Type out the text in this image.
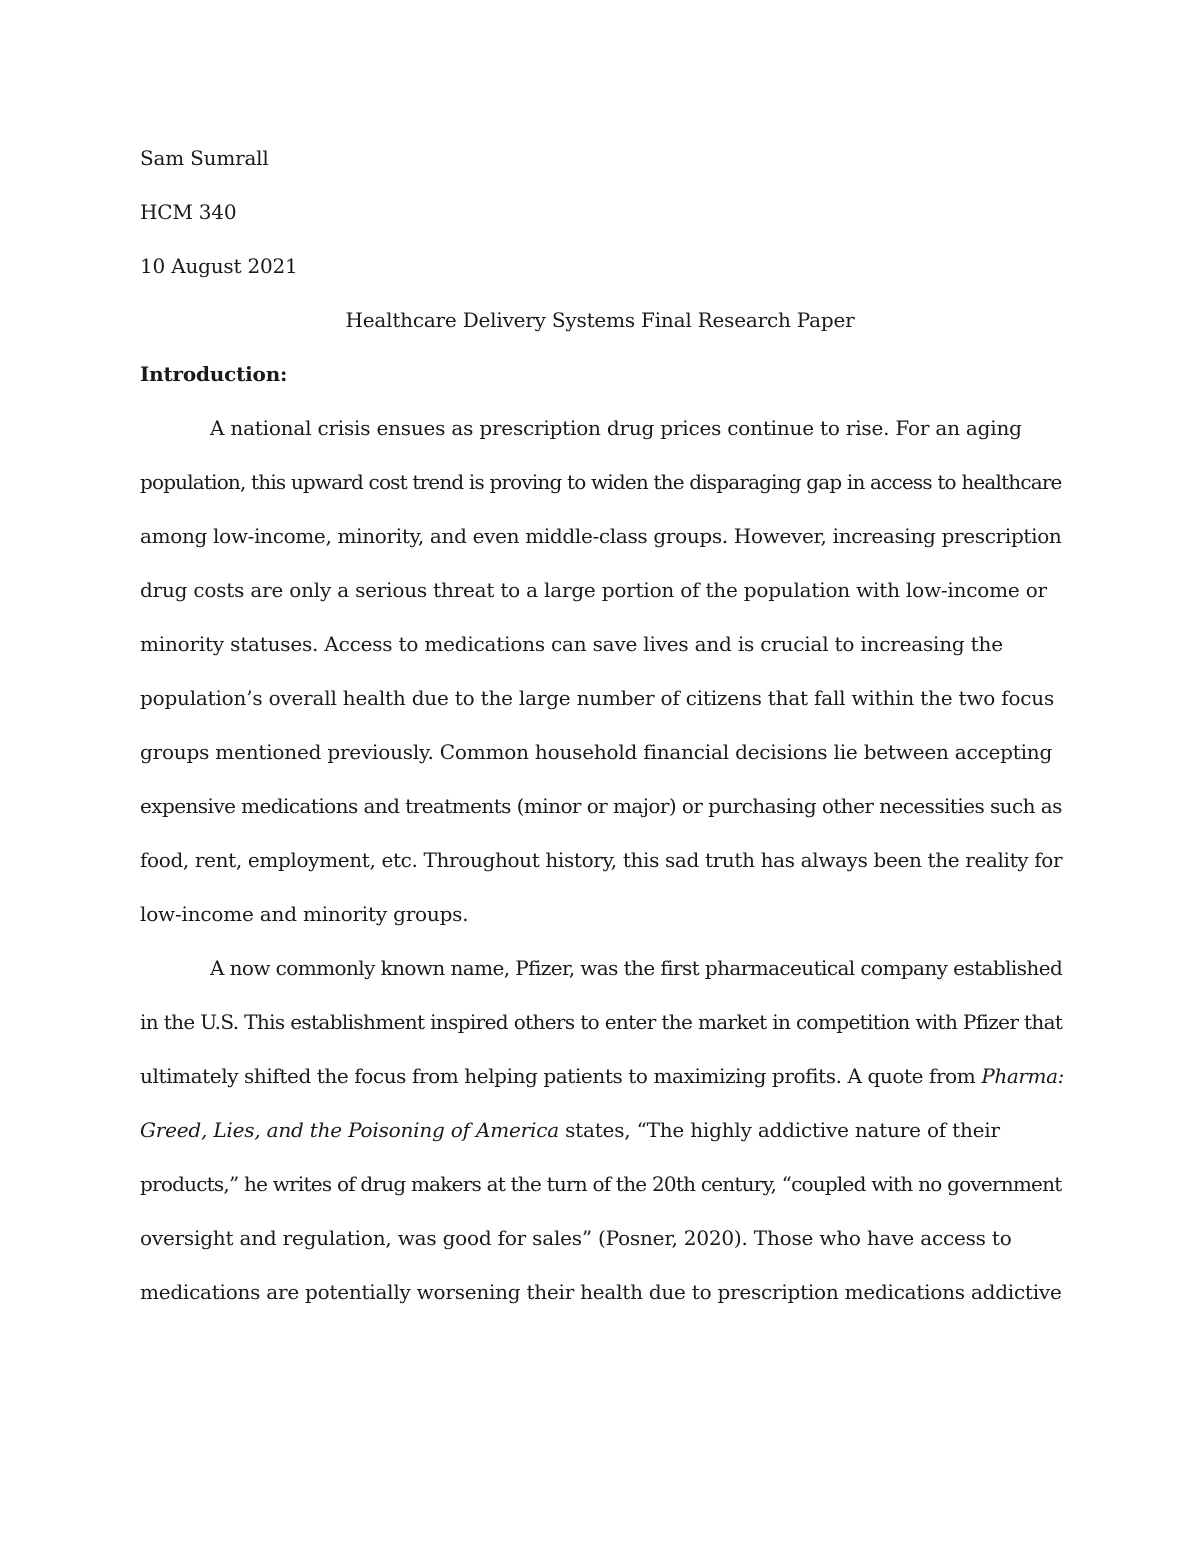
Sam Sumrall
HCM 340
10 August 2021
Healthcare Delivery Systems Final Research Paper
Introduction:
A national crisis ensues as prescription drug prices continue to rise. For an aging
population, this upward cost trend is proving to widen the disparaging gap in access to healthcare
among low-income, minority, and even middle-class groups. However, increasing prescription
drug costs are only a serious threat to a large portion of the population with low-income or
minority statuses. Access to medications can save lives and is crucial to increasing the
population’s overall health due to the large number of citizens that fall within the two focus
groups mentioned previously. Common household financial decisions lie between accepting
expensive medications and treatments (minor or major) or purchasing other necessities such as
food, rent, employment, etc. Throughout history, this sad truth has always been the reality for
low-income and minority groups.
A now commonly known name, Pfizer, was the first pharmaceutical company established
in the U.S. This establishment inspired others to enter the market in competition with Pfizer that
ultimately shifted the focus from helping patients to maximizing profits. A quote from Pharma:
Greed, Lies, and the Poisoning of America states, “The highly addictive nature of their
products,” he writes of drug makers at the turn of the 20th century, “coupled with no government
oversight and regulation, was good for sales” (Posner, 2020). Those who have access to
medications are potentially worsening their health due to prescription medications addictive
